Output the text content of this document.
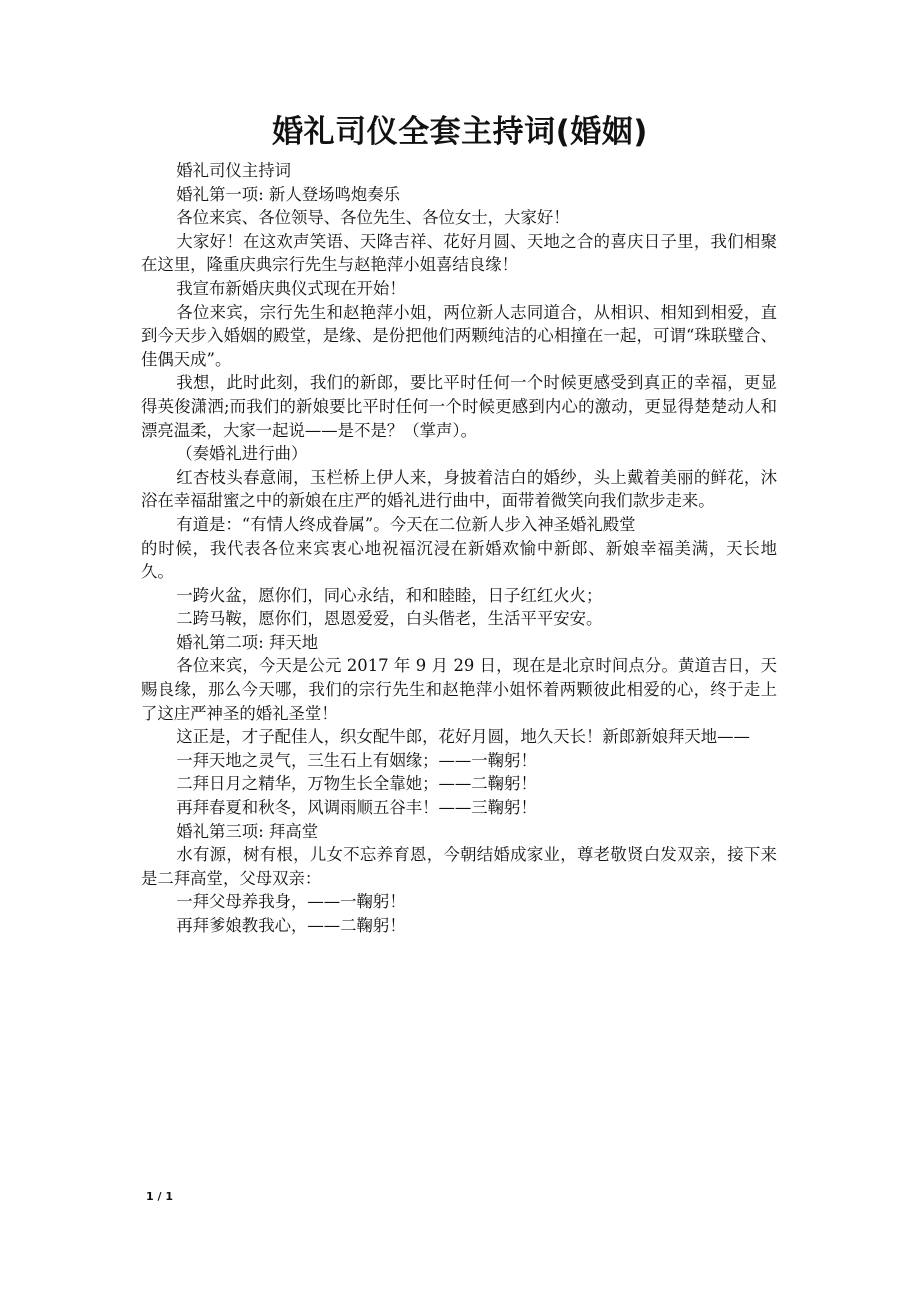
婚礼司仪全套主持词(婚姻)

婚礼司仪主持词

婚礼第一项: 新人登场鸣炮奏乐

各位来宾、各位领导、各位先生、各位女士，大家好！

大家好！在这欢声笑语、天降吉祥、花好月圆、天地之合的喜庆日子里，我们相聚在这里，隆重庆典宗行先生与赵艳萍小姐喜结良缘！

我宣布新婚庆典仪式现在开始！

各位来宾，宗行先生和赵艳萍小姐，两位新人志同道合，从相识、相知到相爱，直到今天步入婚姻的殿堂，是缘、是份把他们两颗纯洁的心相撞在一起，可谓“珠联璧合、佳偶天成”。

我想，此时此刻，我们的新郎，要比平时任何一个时候更感受到真正的幸福，更显得英俊潇洒;而我们的新娘要比平时任何一个时候更感到内心的激动，更显得楚楚动人和漂亮温柔，大家一起说——是不是？（掌声）。

（奏婚礼进行曲）

红杏枝头春意闹，玉栏桥上伊人来，身披着洁白的婚纱，头上戴着美丽的鲜花，沐浴在幸福甜蜜之中的新娘在庄严的婚礼进行曲中，面带着微笑向我们款步走来。

有道是：“有情人终成眷属”。今天在二位新人步入神圣婚礼殿堂

的时候，我代表各位来宾衷心地祝福沉浸在新婚欢愉中新郎、新娘幸福美满，天长地久。

一跨火盆，愿你们，同心永结，和和睦睦，日子红红火火；

二跨马鞍，愿你们，恩恩爱爱，白头偕老，生活平平安安。

婚礼第二项: 拜天地

各位来宾，今天是公元 2017 年 9 月 29 日，现在是北京时间点分。黄道吉日，天赐良缘，那么今天哪，我们的宗行先生和赵艳萍小姐怀着两颗彼此相爱的心，终于走上了这庄严神圣的婚礼圣堂！

这正是，才子配佳人，织女配牛郎，花好月圆，地久天长！新郎新娘拜天地——

一拜天地之灵气，三生石上有姻缘；——一鞠躬！

二拜日月之精华，万物生长全靠她；——二鞠躬！

再拜春夏和秋冬，风调雨顺五谷丰！——三鞠躬！

婚礼第三项: 拜高堂

水有源，树有根，儿女不忘养育恩，今朝结婚成家业，尊老敬贤白发双亲，接下来是二拜高堂，父母双亲：

一拜父母养我身，——一鞠躬！

再拜爹娘教我心，——二鞠躬！

1 / 1
